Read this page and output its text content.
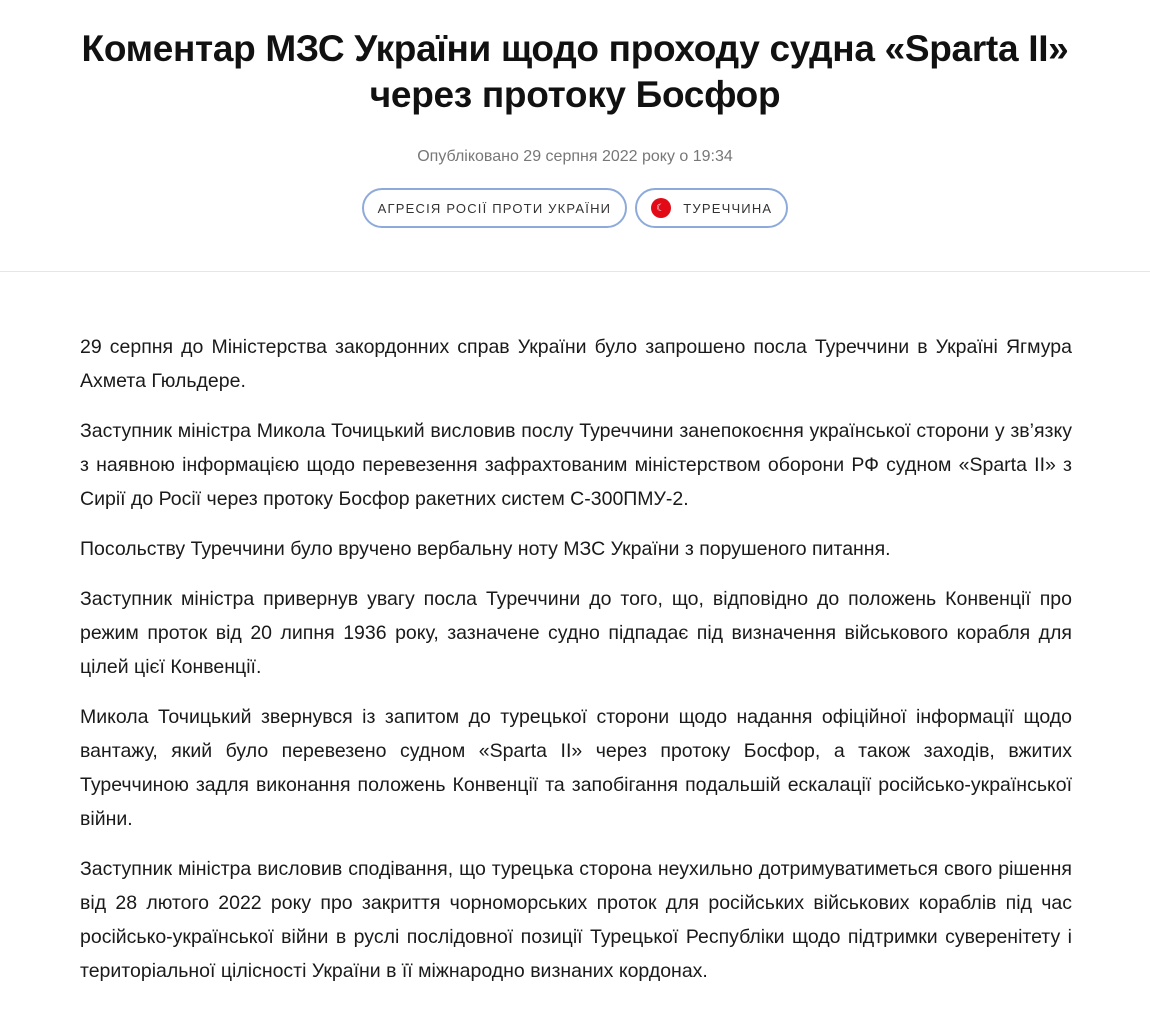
Коментар МЗС України щодо проходу судна «Sparta II» через протоку Босфор
Опубліковано 29 серпня 2022 року о 19:34
АГРЕСІЯ РОСІЇ ПРОТИ УКРАЇНИ	☾	ТУРЕЧЧИНА

29 серпня до Міністерства закордонних справ України було запрошено посла Туреччини в Україні Ягмура Ахмета Гюльдере.

Заступник міністра Микола Точицький висловив послу Туреччини занепокоєння української сторони у зв’язку з наявною інформацією щодо перевезення зафрахтованим міністерством оборони РФ судном «Sparta II» з Сирії до Росії через протоку Босфор ракетних систем С-300ПМУ-2.

Посольству Туреччини було вручено вербальну ноту МЗС України з порушеного питання.

Заступник міністра привернув увагу посла Туреччини до того, що, відповідно до положень Конвенції про режим проток від 20 липня 1936 року, зазначене судно підпадає під визначення військового корабля для цілей цієї Конвенції.

Микола Точицький звернувся із запитом до турецької сторони щодо надання офіційної інформації щодо вантажу, який було перевезено судном «Sparta II» через протоку Босфор, а також заходів, вжитих Туреччиною задля виконання положень Конвенції та запобігання подальшій ескалації російсько-української війни.

Заступник міністра висловив сподівання, що турецька сторона неухильно дотримуватиметься свого рішення від 28 лютого 2022 року про закриття чорноморських проток для російських військових кораблів під час російсько-української війни в руслі послідовної позиції Турецької Республіки щодо підтримки суверенітету і територіальної цілісності України в її міжнародно визнаних кордонах.
